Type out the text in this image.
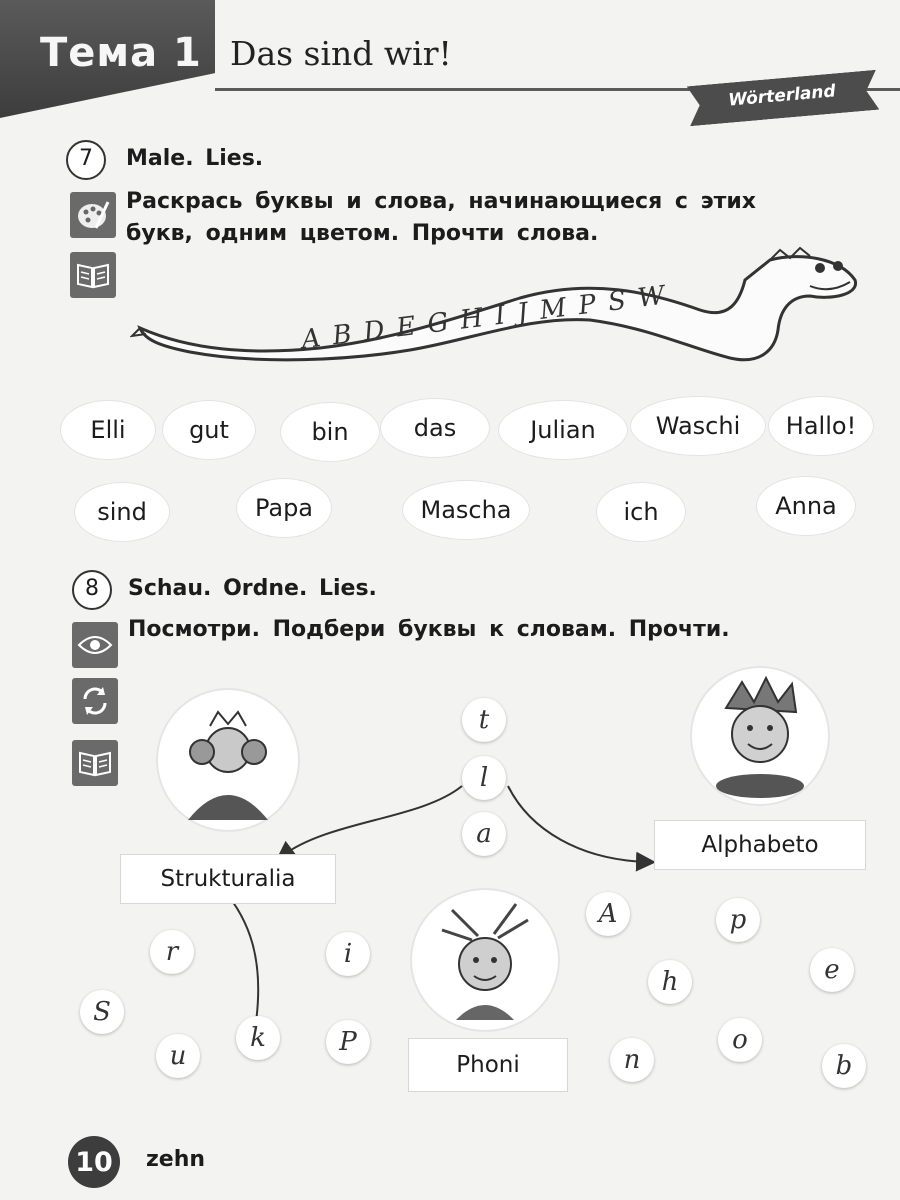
Тема 1 Das sind wir!
Wörterland
7	Male. Lies.
Раскрась буквы и слова, начинающиеся с этих
букв, одним цветом. Прочти слова.
A B D E G H I J M P S W
Elli	gut	bin	das	Julian	Waschi	Hallo!
sind	Papa	Mascha	ich	Anna
8	Schau. Ordne. Lies.
Посмотри. Подбери буквы к словам. Прочти.
t
l
a
Strukturalia
Alphabeto
Phoni
r	i
S
k	P
u
A	p
e
h
n
o
b
10	zehn
